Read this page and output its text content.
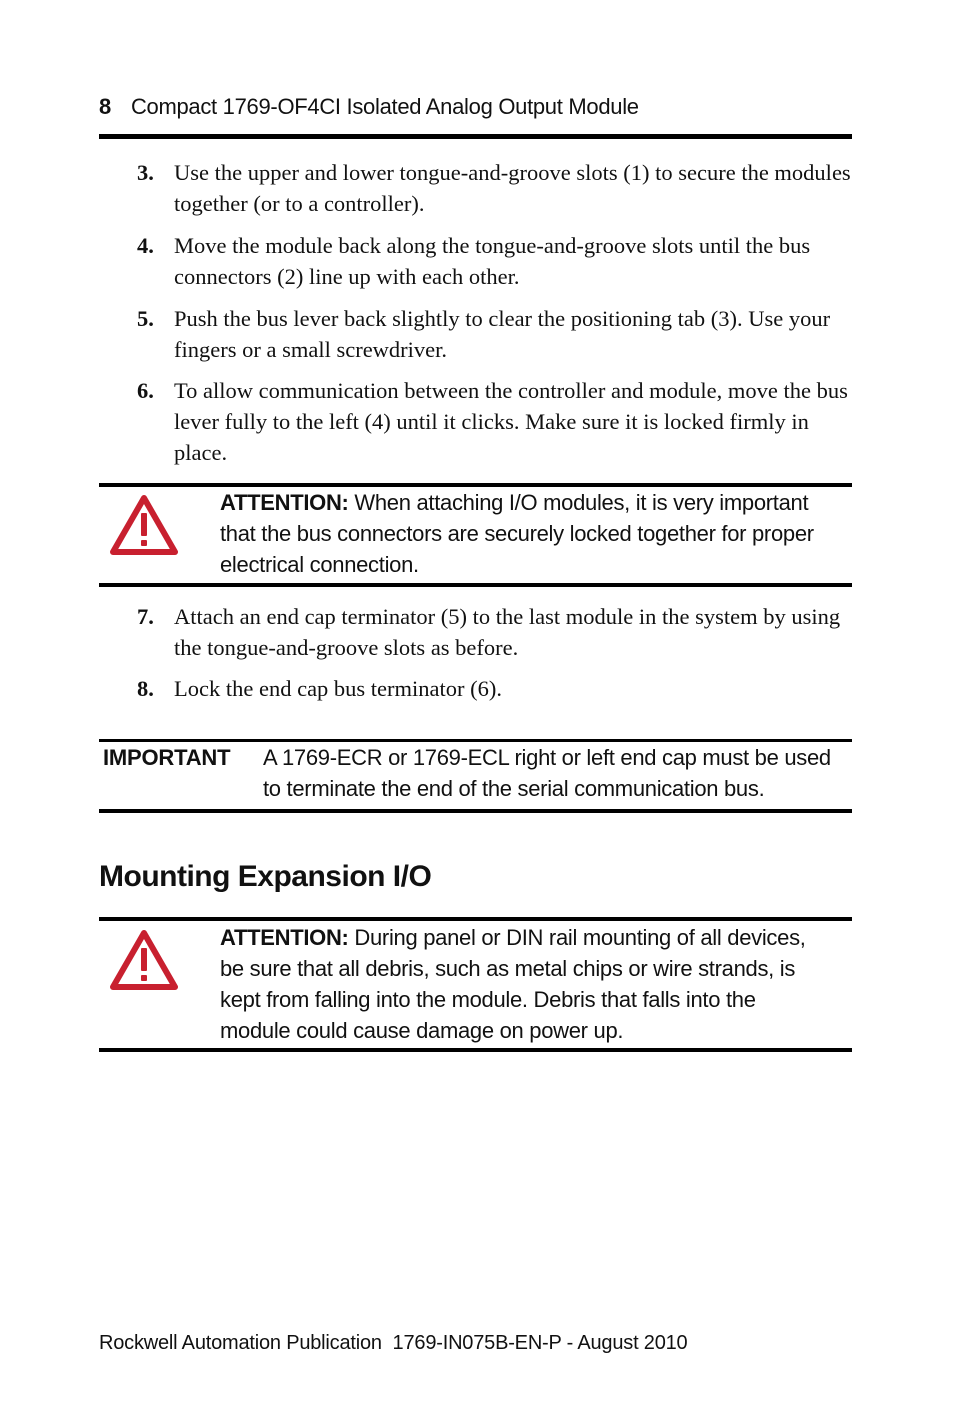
8 Compact 1769-OF4CI Isolated Analog Output Module
3. Use the upper and lower tongue-and-groove slots (1) to secure the modules together (or to a controller).
4. Move the module back along the tongue-and-groove slots until the bus connectors (2) line up with each other.
5. Push the bus lever back slightly to clear the positioning tab (3). Use your fingers or a small screwdriver.
6. To allow communication between the controller and module, move the bus lever fully to the left (4) until it clicks. Make sure it is locked firmly in place.
ATTENTION: When attaching I/O modules, it is very important that the bus connectors are securely locked together for proper electrical connection.
7. Attach an end cap terminator (5) to the last module in the system by using the tongue-and-groove slots as before.
8. Lock the end cap bus terminator (6).
IMPORTANT A 1769-ECR or 1769-ECL right or left end cap must be used to terminate the end of the serial communication bus.
Mounting Expansion I/O
ATTENTION: During panel or DIN rail mounting of all devices, be sure that all debris, such as metal chips or wire strands, is kept from falling into the module. Debris that falls into the module could cause damage on power up.
Rockwell Automation Publication  1769-IN075B-EN-P - August 2010
